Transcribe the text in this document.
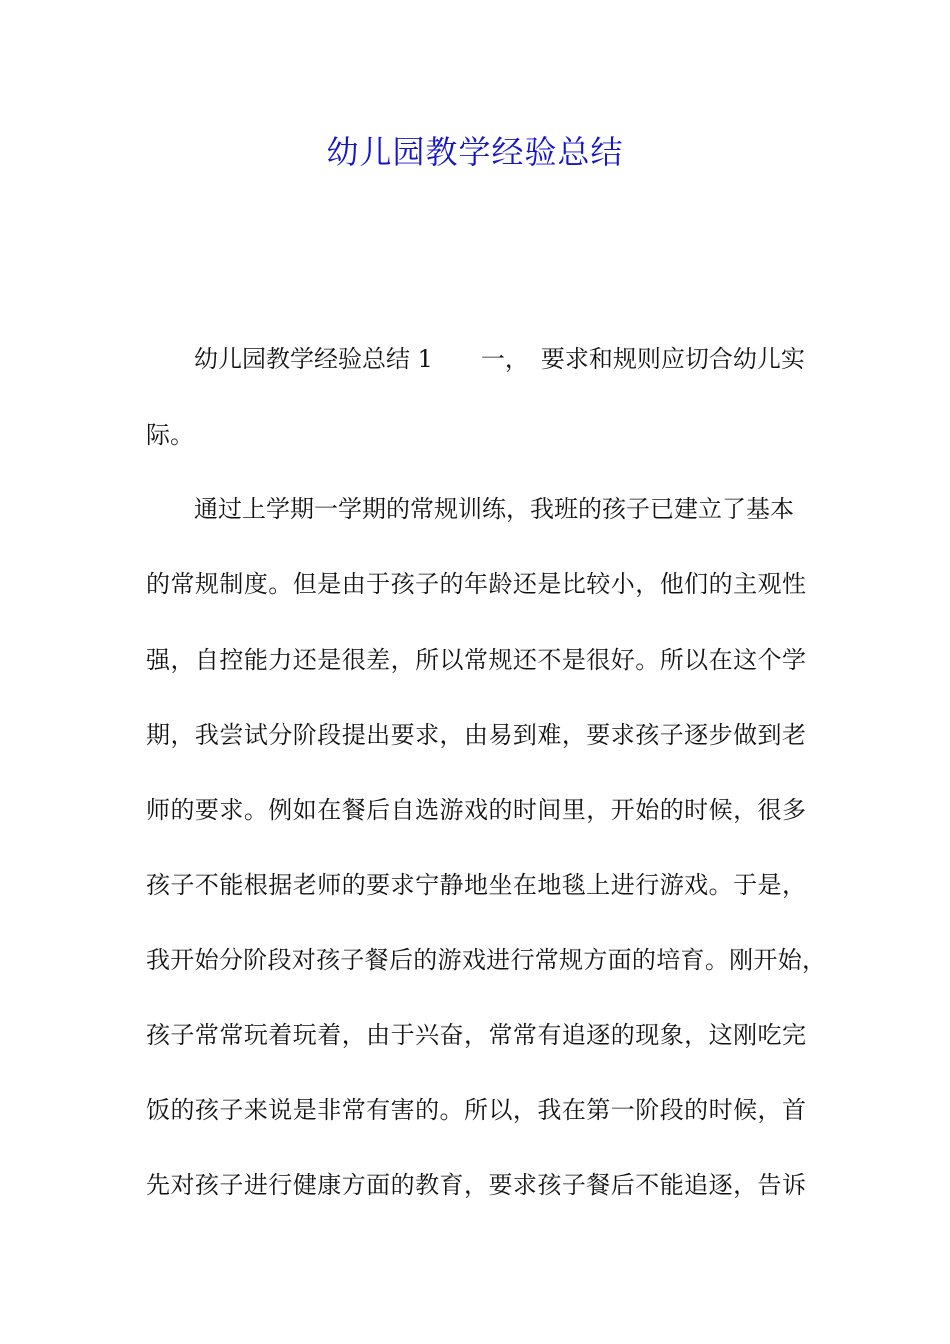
幼儿园教学经验总结
幼儿园教学经验总结 1　　一，　要求和规则应切合幼儿实
际。
通过上学期一学期的常规训练，我班的孩子已建立了基本
的常规制度。但是由于孩子的年龄还是比较小，他们的主观性
强，自控能力还是很差，所以常规还不是很好。所以在这个学
期，我尝试分阶段提出要求，由易到难，要求孩子逐步做到老
师的要求。例如在餐后自选游戏的时间里，开始的时候，很多
孩子不能根据老师的要求宁静地坐在地毯上进行游戏。于是，
我开始分阶段对孩子餐后的游戏进行常规方面的培育。刚开始，
孩子常常玩着玩着，由于兴奋，常常有追逐的现象，这刚吃完
饭的孩子来说是非常有害的。所以，我在第一阶段的时候，首
先对孩子进行健康方面的教育，要求孩子餐后不能追逐，告诉
